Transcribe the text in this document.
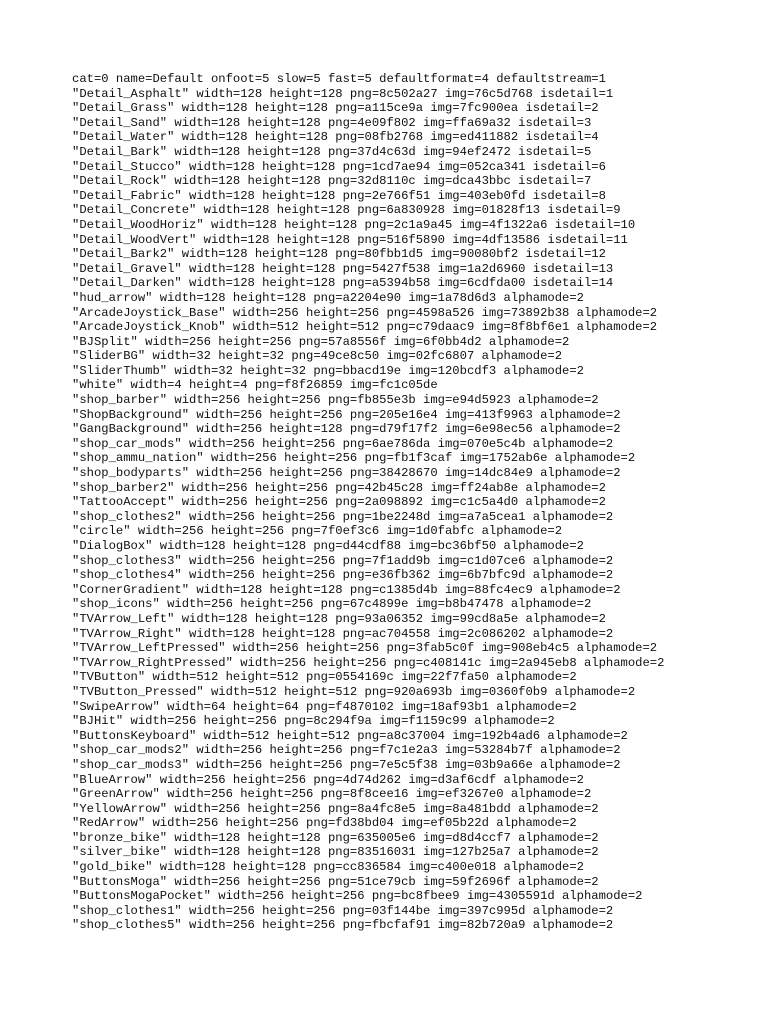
cat=0 name=Default onfoot=5 slow=5 fast=5 defaultformat=4 defaultstream=1
"Detail_Asphalt" width=128 height=128 png=8c502a27 img=76c5d768 isdetail=1
"Detail_Grass" width=128 height=128 png=a115ce9a img=7fc900ea isdetail=2
"Detail_Sand" width=128 height=128 png=4e09f802 img=ffa69a32 isdetail=3
"Detail_Water" width=128 height=128 png=08fb2768 img=ed411882 isdetail=4
"Detail_Bark" width=128 height=128 png=37d4c63d img=94ef2472 isdetail=5
"Detail_Stucco" width=128 height=128 png=1cd7ae94 img=052ca341 isdetail=6
"Detail_Rock" width=128 height=128 png=32d8110c img=dca43bbc isdetail=7
"Detail_Fabric" width=128 height=128 png=2e766f51 img=403eb0fd isdetail=8
"Detail_Concrete" width=128 height=128 png=6a830928 img=01828f13 isdetail=9
"Detail_WoodHoriz" width=128 height=128 png=2c1a9a45 img=4f1322a6 isdetail=10
"Detail_WoodVert" width=128 height=128 png=516f5890 img=4df13586 isdetail=11
"Detail_Bark2" width=128 height=128 png=80fbb1d5 img=90080bf2 isdetail=12
"Detail_Gravel" width=128 height=128 png=5427f538 img=1a2d6960 isdetail=13
"Detail_Darken" width=128 height=128 png=a5394b58 img=6cdfda00 isdetail=14
"hud_arrow" width=128 height=128 png=a2204e90 img=1a78d6d3 alphamode=2
"ArcadeJoystick_Base" width=256 height=256 png=4598a526 img=73892b38 alphamode=2
"ArcadeJoystick_Knob" width=512 height=512 png=c79daac9 img=8f8bf6e1 alphamode=2
"BJSplit" width=256 height=256 png=57a8556f img=6f0bb4d2 alphamode=2
"SliderBG" width=32 height=32 png=49ce8c50 img=02fc6807 alphamode=2
"SliderThumb" width=32 height=32 png=bbacd19e img=120bcdf3 alphamode=2
"white" width=4 height=4 png=f8f26859 img=fc1c05de
"shop_barber" width=256 height=256 png=fb855e3b img=e94d5923 alphamode=2
"ShopBackground" width=256 height=256 png=205e16e4 img=413f9963 alphamode=2
"GangBackground" width=256 height=128 png=d79f17f2 img=6e98ec56 alphamode=2
"shop_car_mods" width=256 height=256 png=6ae786da img=070e5c4b alphamode=2
"shop_ammu_nation" width=256 height=256 png=fb1f3caf img=1752ab6e alphamode=2
"shop_bodyparts" width=256 height=256 png=38428670 img=14dc84e9 alphamode=2
"shop_barber2" width=256 height=256 png=42b45c28 img=ff24ab8e alphamode=2
"TattooAccept" width=256 height=256 png=2a098892 img=c1c5a4d0 alphamode=2
"shop_clothes2" width=256 height=256 png=1be2248d img=a7a5cea1 alphamode=2
"circle" width=256 height=256 png=7f0ef3c6 img=1d0fabfc alphamode=2
"DialogBox" width=128 height=128 png=d44cdf88 img=bc36bf50 alphamode=2
"shop_clothes3" width=256 height=256 png=7f1add9b img=c1d07ce6 alphamode=2
"shop_clothes4" width=256 height=256 png=e36fb362 img=6b7bfc9d alphamode=2
"CornerGradient" width=128 height=128 png=c1385d4b img=88fc4ec9 alphamode=2
"shop_icons" width=256 height=256 png=67c4899e img=b8b47478 alphamode=2
"TVArrow_Left" width=128 height=128 png=93a06352 img=99cd8a5e alphamode=2
"TVArrow_Right" width=128 height=128 png=ac704558 img=2c086202 alphamode=2
"TVArrow_LeftPressed" width=256 height=256 png=3fab5c0f img=908eb4c5 alphamode=2
"TVArrow_RightPressed" width=256 height=256 png=c408141c img=2a945eb8 alphamode=2
"TVButton" width=512 height=512 png=0554169c img=22f7fa50 alphamode=2
"TVButton_Pressed" width=512 height=512 png=920a693b img=0360f0b9 alphamode=2
"SwipeArrow" width=64 height=64 png=f4870102 img=18af93b1 alphamode=2
"BJHit" width=256 height=256 png=8c294f9a img=f1159c99 alphamode=2
"ButtonsKeyboard" width=512 height=512 png=a8c37004 img=192b4ad6 alphamode=2
"shop_car_mods2" width=256 height=256 png=f7c1e2a3 img=53284b7f alphamode=2
"shop_car_mods3" width=256 height=256 png=7e5c5f38 img=03b9a66e alphamode=2
"BlueArrow" width=256 height=256 png=4d74d262 img=d3af6cdf alphamode=2
"GreenArrow" width=256 height=256 png=8f8cee16 img=ef3267e0 alphamode=2
"YellowArrow" width=256 height=256 png=8a4fc8e5 img=8a481bdd alphamode=2
"RedArrow" width=256 height=256 png=fd38bd04 img=ef05b22d alphamode=2
"bronze_bike" width=128 height=128 png=635005e6 img=d8d4ccf7 alphamode=2
"silver_bike" width=128 height=128 png=83516031 img=127b25a7 alphamode=2
"gold_bike" width=128 height=128 png=cc836584 img=c400e018 alphamode=2
"ButtonsMoga" width=256 height=256 png=51ce79cb img=59f2696f alphamode=2
"ButtonsMogaPocket" width=256 height=256 png=bc8fbee9 img=4305591d alphamode=2
"shop_clothes1" width=256 height=256 png=03f144be img=397c995d alphamode=2
"shop_clothes5" width=256 height=256 png=fbcfaf91 img=82b720a9 alphamode=2
